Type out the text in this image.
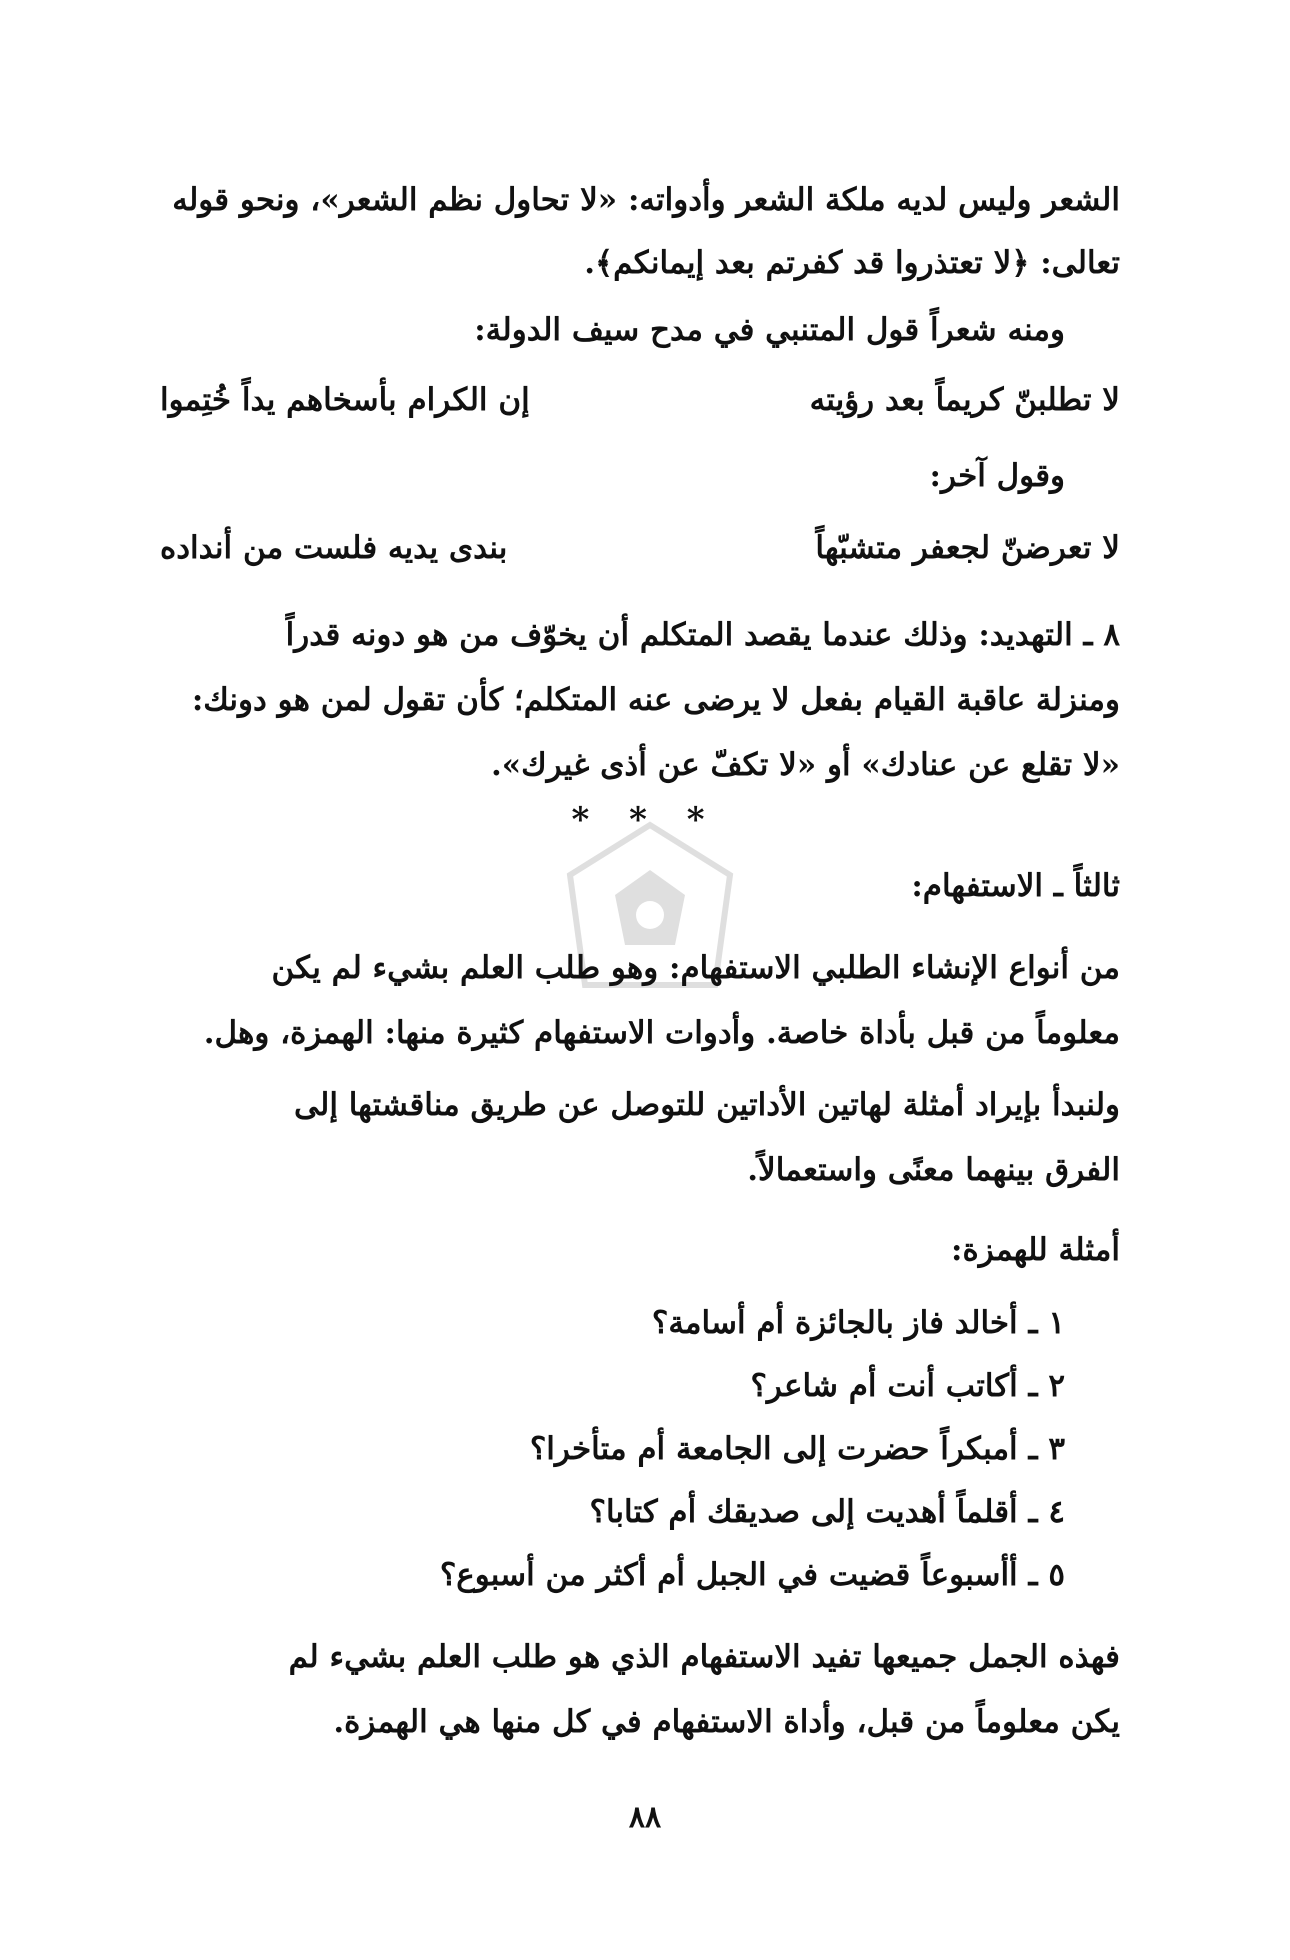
الشعر وليس لديه ملكة الشعر وأدواته: «لا تحاول نظم الشعر»، ونحو قوله
تعالى: ﴿لا تعتذروا قد كفرتم بعد إيمانكم﴾.
ومنه شعراً قول المتنبي في مدح سيف الدولة:
لا تطلبنّ كريماً بعد رؤيته
إن الكرام بأسخاهم يداً خُتِموا
وقول آخر:
لا تعرضنّ لجعفر متشبّهاً
بندى يديه فلست من أنداده
٨ ـ التهديد: وذلك عندما يقصد المتكلم أن يخوّف من هو دونه قدراً
ومنزلة عاقبة القيام بفعل لا يرضى عنه المتكلم؛ كأن تقول لمن هو دونك:
«لا تقلع عن عنادك» أو «لا تكفّ عن أذى غيرك».
* * *
ثالثاً ـ الاستفهام:
من أنواع الإنشاء الطلبي الاستفهام: وهو طلب العلم بشيء لم يكن
معلوماً من قبل بأداة خاصة. وأدوات الاستفهام كثيرة منها: الهمزة، وهل.
ولنبدأ بإيراد أمثلة لهاتين الأداتين للتوصل عن طريق مناقشتها إلى
الفرق بينهما معنًى واستعمالاً.
أمثلة للهمزة:
١ ـ أخالد فاز بالجائزة أم أسامة؟
٢ ـ أكاتب أنت أم شاعر؟
٣ ـ أمبكراً حضرت إلى الجامعة أم متأخرا؟
٤ ـ أقلماً أهديت إلى صديقك أم كتابا؟
٥ ـ أأسبوعاً قضيت في الجبل أم أكثر من أسبوع؟
فهذه الجمل جميعها تفيد الاستفهام الذي هو طلب العلم بشيء لم
يكن معلوماً من قبل، وأداة الاستفهام في كل منها هي الهمزة.
٨٨
